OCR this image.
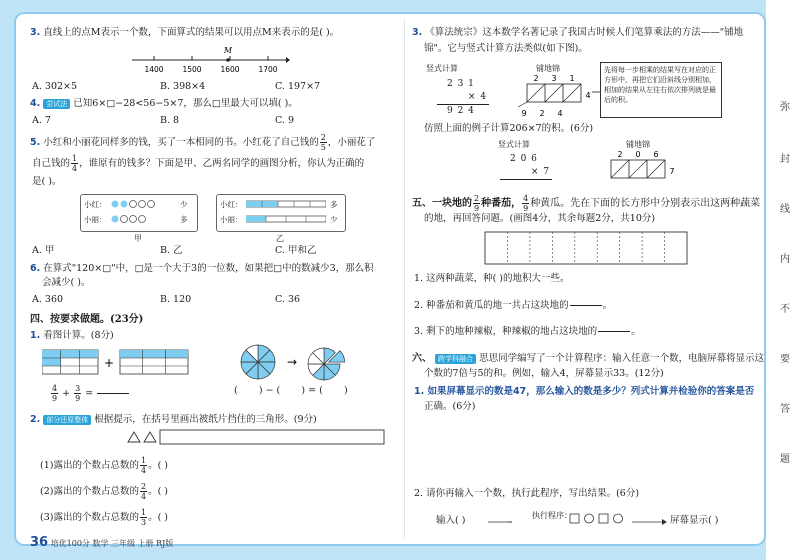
弥
封
线
内
不
要
答
题
3. 直线上的点M表示一个数，下面算式的结果可以用点M来表示的是( )。
M
1400	1500	1600	1700
A. 302×5	B. 398×4	C. 197×7
4. 尝试法 已知6×□−28<56−5×7，那么□里最大可以填( )。
A. 7	B. 8	C. 9
5. 小红和小丽花同样多的钱，买了一本相同的书。小红花了自己钱的 $\frac{2}{5}$ ，小丽花了
自己钱的 $\frac{1}{4}$ ，谁原有的钱多？下面是甲、乙两名同学的画图分析，你认为正确的
是( )。
小红：	少
小丽：	多
甲
小红：	多
小丽：	少
乙
A. 甲	B. 乙	C. 甲和乙
6. 在算式"120×□"中，□是一个大于3的一位数，如果把□中的数减少3，那么积
会减少( )。
A. 360	B. 120	C. 36
四、按要求做题。(23分)
1. 看图计算。(8分)
+
$\frac{4}{9} + \frac{3}{9}$ =

→
(       ) − (       ) = (       )
2. 部分还原整体 根据提示，在括号里画出被纸片挡住的三角形。(9分)
(1)露出的个数占总数的 $\frac{1}{4}$ 。( )
(2)露出的个数占总数的 $\frac{2}{4}$ 。( )
(3)露出的个数占总数的 $\frac{1}{3}$ 。( )
36 培优100分 数学 三年级 上册 RJ版
3. 《算法统宗》这本数学名著记录了我国古时候人们笔算乘法的方法——"铺地
锦"。它与竖式计算方法类似(如下图)。
竖式计算
2 3 1
× 4
9 2 4
铺地锦
2 3 1
4
9 2 4
先将每一步相乘的结果写在对应的正方形中，再把它们沿斜线分别相加，相加的结果从左往右依次排列就是最后的积。
仿照上面的例子计算206×7的积。(6分)
竖式计算
2 0 6
× 7
铺地锦
2 0 6
7
五、一块地的 $\frac{2}{9}$ 种番茄， $\frac{4}{9}$ 种黄瓜。先在下面的长方形中分别表示出这两种蔬菜
的地，再回答问题。(画图4分，其余每题2分，共10分)
1. 这两种蔬菜，种( )的地积大一些。
2. 种番茄和黄瓜的地一共占这块地的

	。
3. 剩下的地种辣椒，种辣椒的地占这块地的

	。
六、 跨学科融合 思思同学编写了一个计算程序：输入任意一个数，电脑屏幕将显示这
个数的7倍与5的和。例如，输入4，屏幕显示33。(12分)
1. 如果屏幕显示的数是47，那么输入的数是多少？列式计算并检验你的答案是否
正确。(6分)
2. 请你再输入一个数，执行此程序，写出结果。(6分)
输入( )	执行程序：	屏幕显示( )
